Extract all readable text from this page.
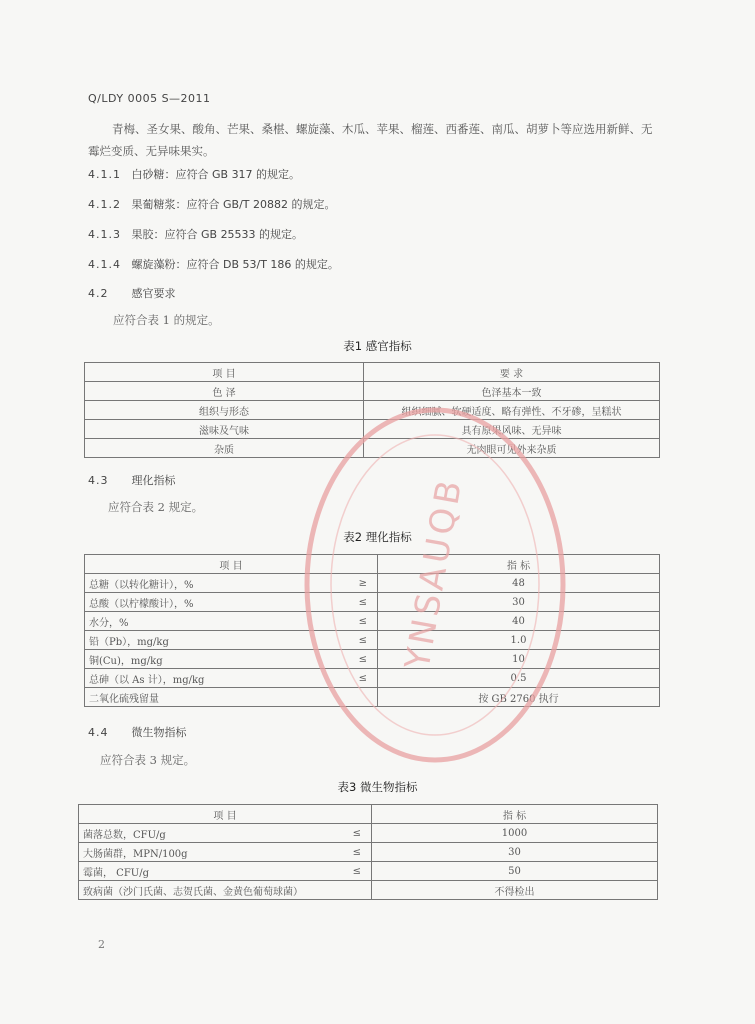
Q/LDY 0005 S—2011
青梅、圣女果、酸角、芒果、桑椹、螺旋藻、木瓜、苹果、榴莲、西番莲、南瓜、胡萝卜等应选用新鲜、无霉烂变质、无异味果实。
4.1.1 白砂糖：应符合 GB 317 的规定。
4.1.2 果葡糖浆：应符合 GB/T 20882 的规定。
4.1.3 果胶：应符合 GB 25533 的规定。
4.1.4 螺旋藻粉：应符合 DB 53/T 186 的规定。
4.2 感官要求
应符合表 1 的规定。
表1 感官指标
项 目	要 求
色 泽	色泽基本一致
组织与形态	组织细腻、软硬适度、略有弹性、不牙碜，呈糕状
滋味及气味	具有原果风味、无异味
杂质	无肉眼可见外来杂质
4.3 理化指标
应符合表 2 规定。
表2 理化指标
项 目		指 标
总糖（以转化糖计），%	≥	48
总酸（以柠檬酸计），%	≤	30
水分，%	≤	40
铅（Pb），mg/kg	≤	1.0
铜(Cu)，mg/kg	≤	10
总砷（以 As 计），mg/kg	≤	0.5
二氧化硫残留量		按 GB 2760 执行
4.4 微生物指标
应符合表 3 规定。
表3 微生物指标
项 目		指 标
菌落总数，CFU/g	≤	1000
大肠菌群，MPN/100g	≤	30
霉菌， CFU/g	≤	50
致病菌（沙门氏菌、志贺氏菌、金黄色葡萄球菌）		不得检出
YNSAUQB
2
